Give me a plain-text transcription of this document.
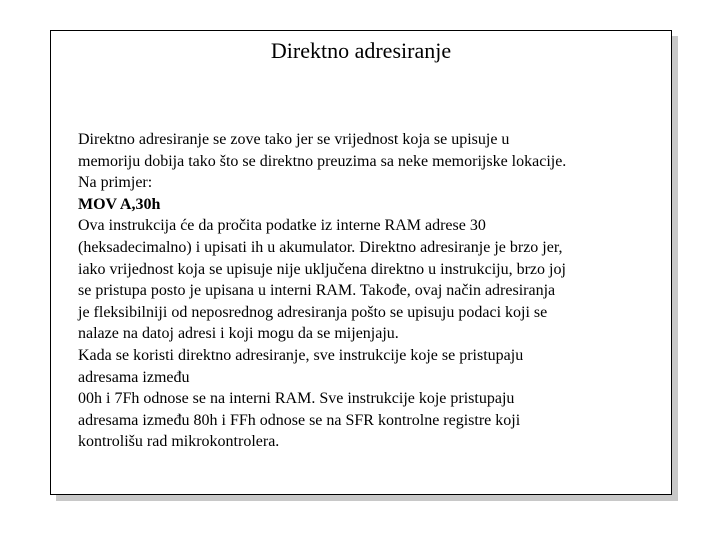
Direktno adresiranje
Direktno adresiranje se zove tako jer se vrijednost koja se upisuje u
memoriju dobija tako što se direktno preuzima sa neke memorijske lokacije.
Na primjer:
MOV A,30h
Ova instrukcija će da pročita podatke iz interne RAM adrese 30
(heksadecimalno) i upisati ih u akumulator. Direktno adresiranje je brzo jer,
iako vrijednost koja se upisuje nije uključena direktno u instrukciju, brzo joj
se pristupa posto je upisana u interni RAM. Takođe, ovaj način adresiranja
je fleksibilniji od neposrednog adresiranja pošto se upisuju podaci koji se
nalaze na datoj adresi i koji mogu da se mijenjaju.
Kada se koristi direktno adresiranje, sve instrukcije koje se pristupaju
adresama između
00h i 7Fh odnose se na interni RAM. Sve instrukcije koje pristupaju
adresama između 80h i FFh odnose se na SFR kontrolne registre koji
kontrolišu rad mikrokontrolera.
